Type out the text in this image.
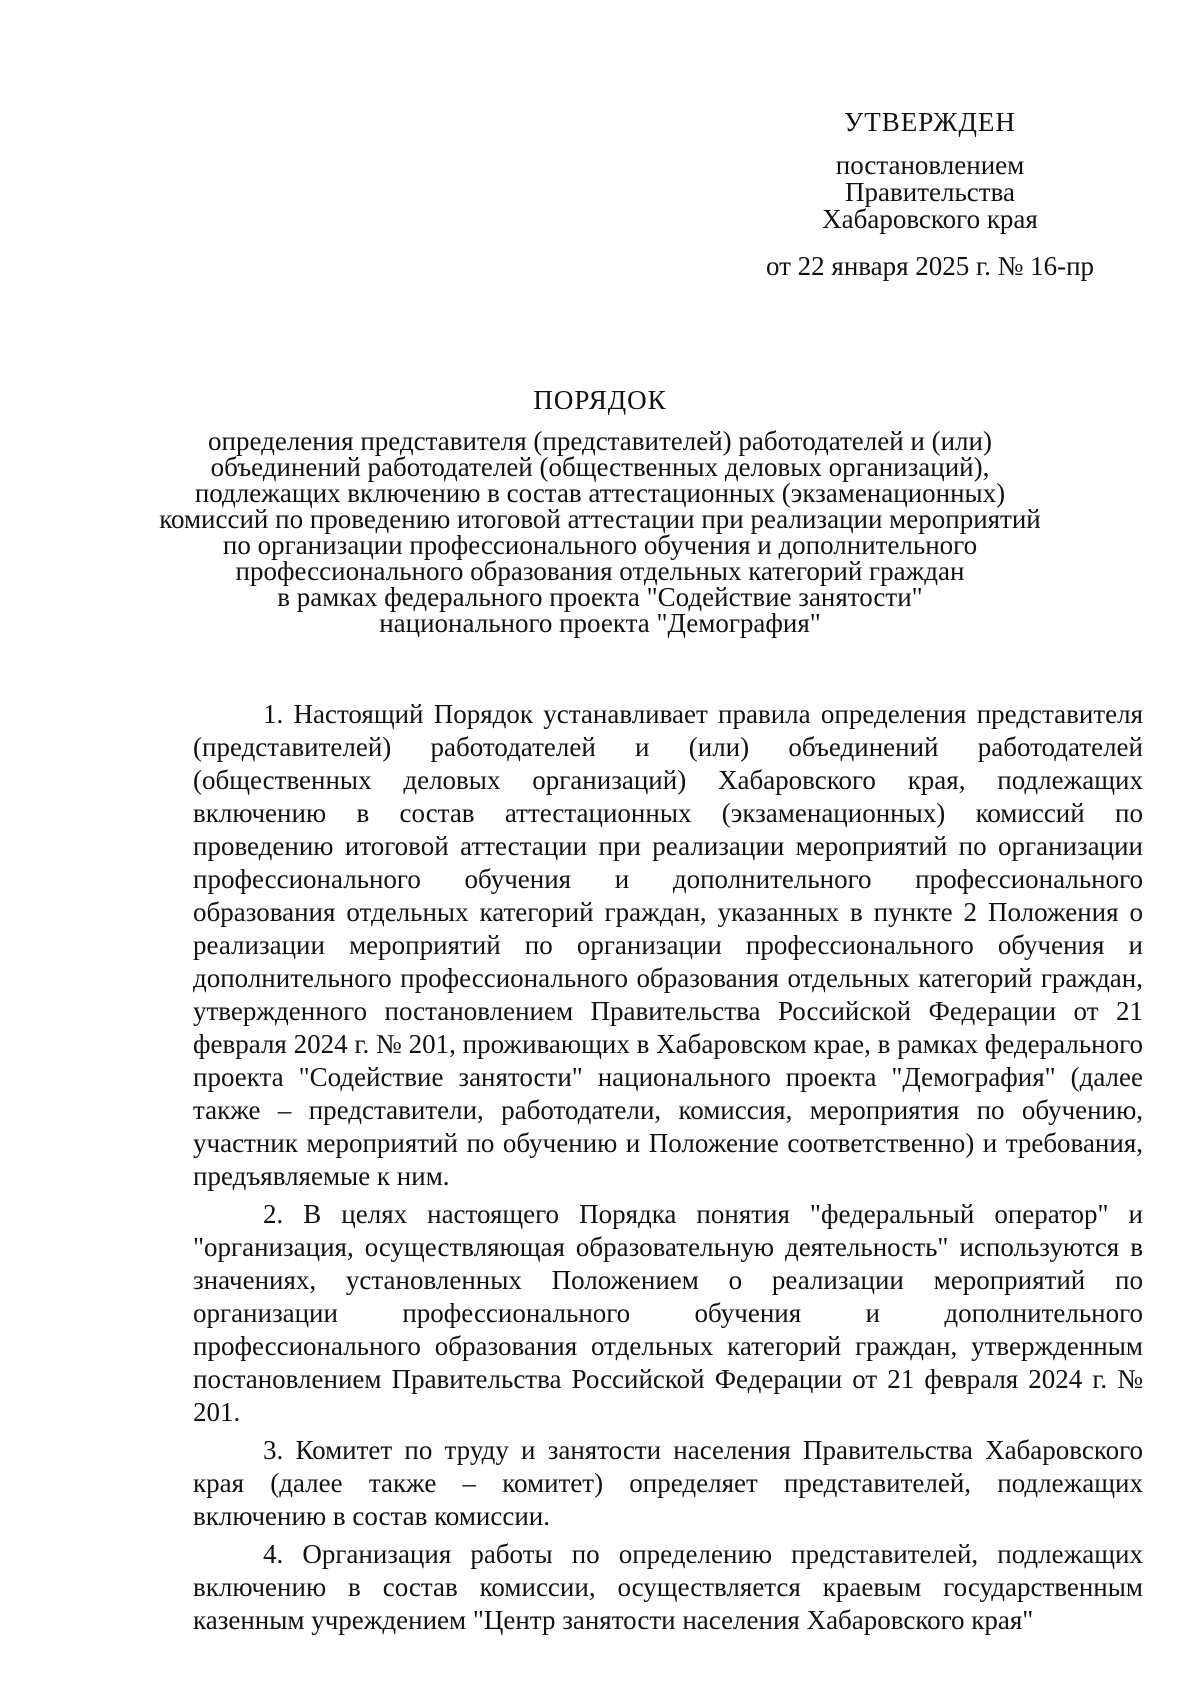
УТВЕРЖДЕН
постановлением
Правительства
Хабаровского края
от 22 января 2025 г. № 16-пр
ПОРЯДОК
определения представителя (представителей) работодателей и (или)
объединений работодателей (общественных деловых организаций),
подлежащих включению в состав аттестационных (экзаменационных)
комиссий по проведению итоговой аттестации при реализации мероприятий
по организации профессионального обучения и дополнительного
профессионального образования отдельных категорий граждан
в рамках федерального проекта "Содействие занятости"
национального проекта "Демография"

1. Настоящий Порядок устанавливает правила определения представителя (представителей) работодателей и (или) объединений работодателей (общественных деловых организаций) Хабаровского края, подлежащих включению в состав аттестационных (экзаменационных) комиссий по проведению итоговой аттестации при реализации мероприятий по организации профессионального обучения и дополнительного профессионального образования отдельных категорий граждан, указанных в пункте 2 Положения о реализации мероприятий по организации профессионального обучения и дополнительного профессионального образования отдельных категорий граждан, утвержденного постановлением Правительства Российской Федерации от 21 февраля 2024 г. № 201, проживающих в Хабаровском крае, в рамках федерального проекта "Содействие занятости" национального проекта "Демография" (далее также – представители, работодатели, комиссия, мероприятия по обучению, участник мероприятий по обучению и Положение соответственно) и требования, предъявляемые к ним.

2. В целях настоящего Порядка понятия "федеральный оператор" и "организация, осуществляющая образовательную деятельность" используются в значениях, установленных Положением о реализации мероприятий по организации профессионального обучения и дополнительного профессионального образования отдельных категорий граждан, утвержденным постановлением Правительства Российской Федерации от 21 февраля 2024 г. № 201.

3. Комитет по труду и занятости населения Правительства Хабаровского края (далее также – комитет) определяет представителей, подлежащих включению в состав комиссии.

4. Организация работы по определению представителей, подлежащих включению в состав комиссии, осуществляется краевым государственным казенным учреждением "Центр занятости населения Хабаровского края"
